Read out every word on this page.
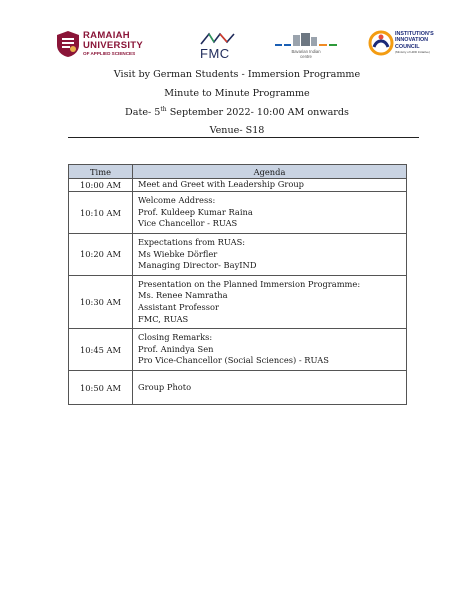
RAMAIAH
UNIVERSITY
OF APPLIED SCIENCES	FMC	Bavarian Indian centre
INSTITUTION'S
INNOVATION
COUNCIL
(Ministry of HRD Initiative)
Visit by German Students - Immersion Programme
Minute to Minute Programme
Date- 5th September 2022- 10:00 AM onwards
Venue- S18
Time	Agenda
10:00 AM	Meet and Greet with Leadership Group

10:10 AM	Welcome Address:
Prof. Kuldeep Kumar Raina
Vice Chancellor - RUAS

10:20 AM	Expectations from RUAS:
Ms Wiebke Dörfler
Managing Director- BayIND

10:30 AM	Presentation on the Planned Immersion Programme:
Ms. Renee Namratha
Assistant Professor
FMC, RUAS

10:45 AM	Closing Remarks:
Prof. Anindya Sen
Pro Vice-Chancellor (Social Sciences) - RUAS

10:50 AM	Group Photo
